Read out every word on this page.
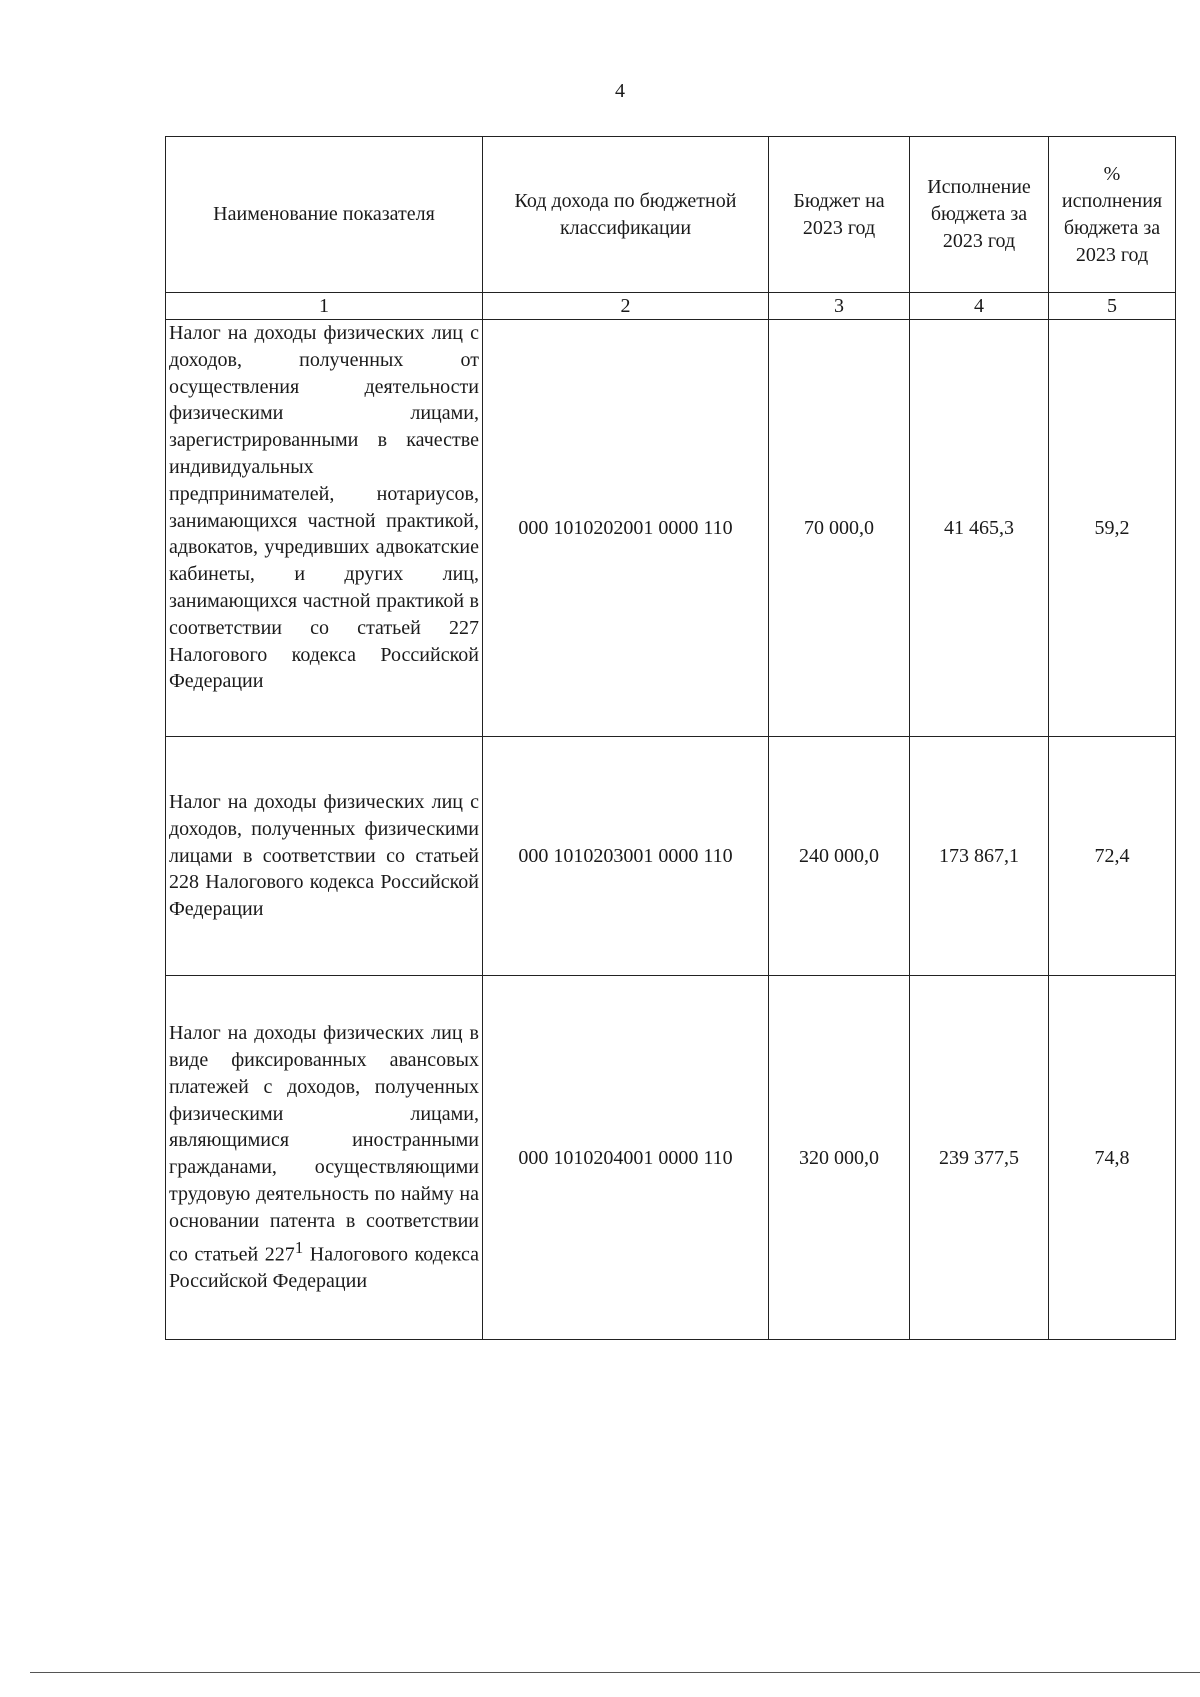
4
Наименование показателя	Код дохода по бюджетной классификации	Бюджет на 2023 год	Исполнение бюджета за 2023 год	% исполнения бюджета за 2023 год
1	2	3	4	5
Налог на доходы физических лиц с доходов, полученных от осуществления деятельности физическими лицами, зарегистрированными в качестве индивидуальных предпринимателей, нотариусов, занимающихся частной практикой, адвокатов, учредивших адвокатские кабинеты, и других лиц, занимающихся частной практикой в соответствии со статьей 227 Налогового кодекса Российской Федерации	000 1010202001 0000 110	70 000,0	41 465,3	59,2
Налог на доходы физических лиц с доходов, полученных физическими лицами в соответствии со статьей 228 Налогового кодекса Российской Федерации	000 1010203001 0000 110	240 000,0	173 867,1	72,4
Налог на доходы физических лиц в виде фиксированных авансовых платежей с доходов, полученных физическими лицами, являющимися иностранными гражданами, осуществляющими трудовую деятельность по найму на основании патента в соответствии со статьей $227^1$ Налогового кодекса Российской Федерации	000 1010204001 0000 110	320 000,0	239 377,5	74,8
